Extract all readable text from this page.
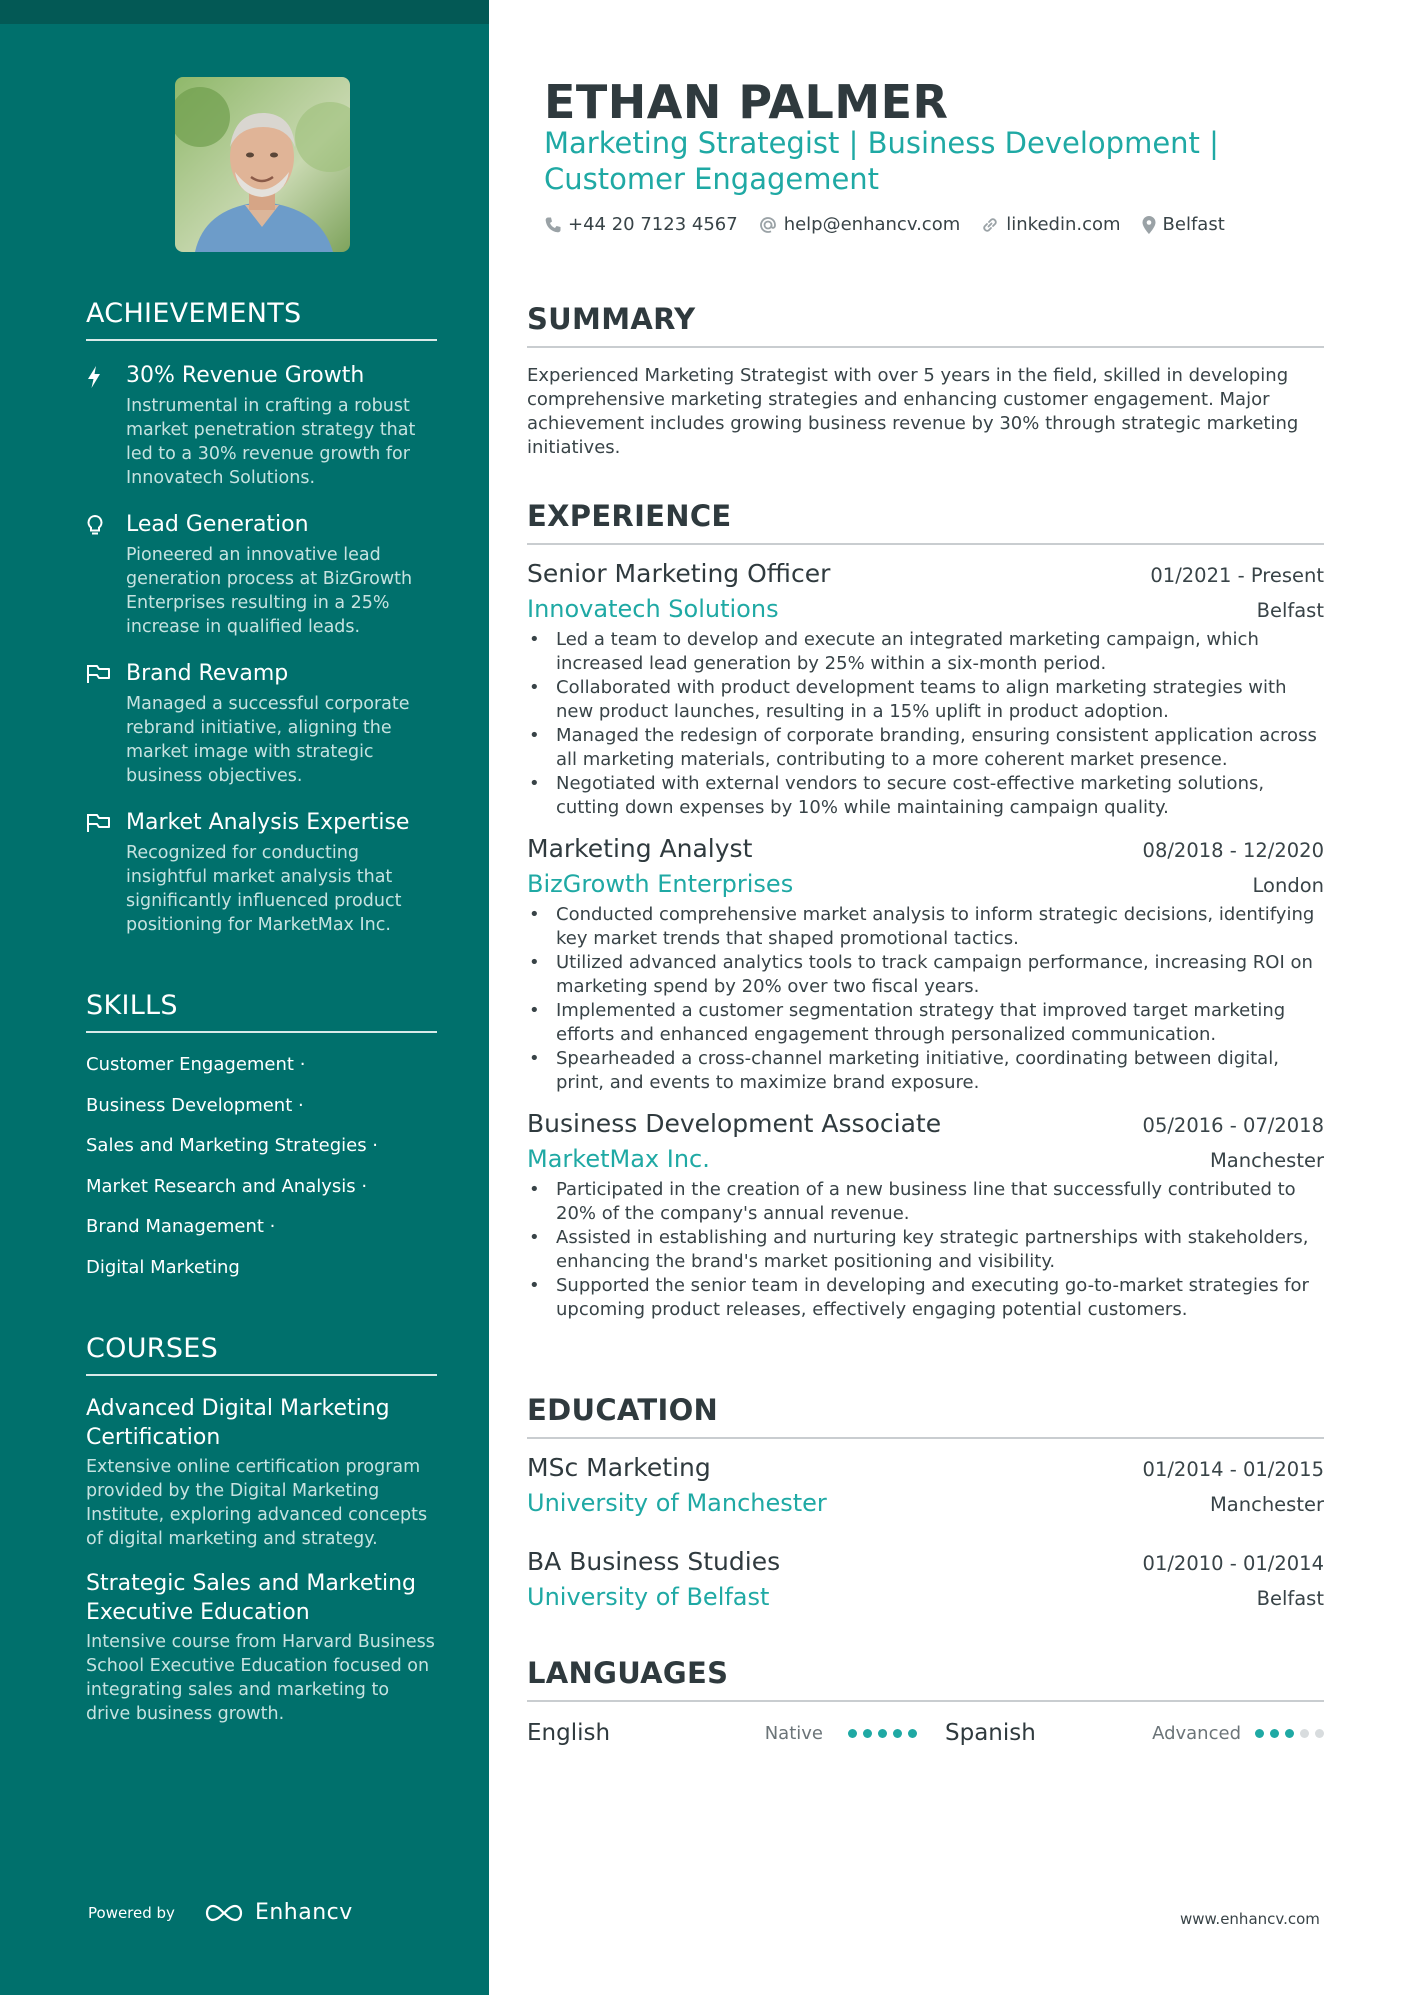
ACHIEVEMENTS
30% Revenue Growth
Instrumental in crafting a robust market penetration strategy that led to a 30% revenue growth for Innovatech Solutions.
Lead Generation
Pioneered an innovative lead generation process at BizGrowth Enterprises resulting in a 25% increase in qualified leads.
Brand Revamp
Managed a successful corporate rebrand initiative, aligning the market image with strategic business objectives.
Market Analysis Expertise
Recognized for conducting insightful market analysis that significantly influenced product positioning for MarketMax Inc.
SKILLS
Customer Engagement ·
Business Development ·
Sales and Marketing Strategies ·
Market Research and Analysis ·
Brand Management ·
Digital Marketing
COURSES
Advanced Digital Marketing Certification
Extensive online certification program provided by the Digital Marketing Institute, exploring advanced concepts of digital marketing and strategy.
Strategic Sales and Marketing Executive Education
Intensive course from Harvard Business School Executive Education focused on integrating sales and marketing to drive business growth.
Powered by	Enhancv
ETHAN PALMER
Marketing Strategist | Business Development | Customer Engagement
+44 20 7123 4567	help@enhancv.com	linkedin.com Belfast
SUMMARY

Experienced Marketing Strategist with over 5 years in the field, skilled in developing comprehensive marketing strategies and enhancing customer engagement. Major achievement includes growing business revenue by 30% through strategic marketing initiatives.

EXPERIENCE
Senior Marketing Officer	01/2021 - Present
Innovatech Solutions	Belfast
• Led a team to develop and execute an integrated marketing campaign, which increased lead generation by 25% within a six-month period.
• Collaborated with product development teams to align marketing strategies with new product launches, resulting in a 15% uplift in product adoption.
• Managed the redesign of corporate branding, ensuring consistent application across all marketing materials, contributing to a more coherent market presence.
• Negotiated with external vendors to secure cost-effective marketing solutions, cutting down expenses by 10% while maintaining campaign quality.
Marketing Analyst	08/2018 - 12/2020
BizGrowth Enterprises	London
• Conducted comprehensive market analysis to inform strategic decisions, identifying key market trends that shaped promotional tactics.
• Utilized advanced analytics tools to track campaign performance, increasing ROI on marketing spend by 20% over two fiscal years.
• Implemented a customer segmentation strategy that improved target marketing efforts and enhanced engagement through personalized communication.
• Spearheaded a cross-channel marketing initiative, coordinating between digital, print, and events to maximize brand exposure.
Business Development Associate	05/2016 - 07/2018
MarketMax Inc.	Manchester
• Participated in the creation of a new business line that successfully contributed to 20% of the company's annual revenue.
• Assisted in establishing and nurturing key strategic partnerships with stakeholders, enhancing the brand's market positioning and visibility.
• Supported the senior team in developing and executing go-to-market strategies for upcoming product releases, effectively engaging potential customers.
EDUCATION
MSc Marketing	01/2014 - 01/2015
University of Manchester	Manchester
BA Business Studies	01/2010 - 01/2014
University of Belfast	Belfast
LANGUAGES
English	Native	Spanish	Advanced
www.enhancv.com
